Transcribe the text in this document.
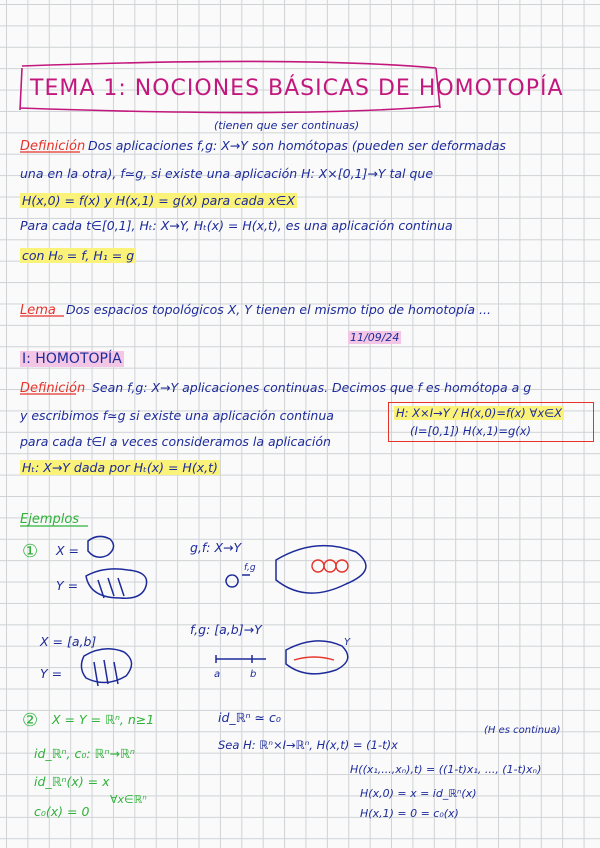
TEMA 1: NOCIONES BÁSICAS DE HOMOTOPÍA
(tienen que ser continuas)
Definición Dos aplicaciones f,g: X→Y son homótopas (pueden ser deformadas
una en la otra), f≃g, si existe una aplicación H: X×[0,1]→Y tal que
H(x,0) = f(x) y H(x,1) = g(x) para cada x∈X
Para cada t∈[0,1], Hₜ: X→Y, Hₜ(x) = H(x,t), es una aplicación continua
con H₀ = f, H₁ = g
Lema Dos espacios topológicos X, Y tienen el mismo tipo de homotopía ...
11/09/24
I: HOMOTOPÍA
Definición Sean f,g: X→Y aplicaciones continuas. Decimos que f es homótopa a g
y escribimos f≃g si existe una aplicación continua	H: X×I→Y / H(x,0)=f(x) ∀x∈X
(I=[0,1]) H(x,1)=g(x)
para cada t∈I a veces consideramos la aplicación
Hₜ: X→Y dada por Hₜ(x) = H(x,t)
Ejemplos
① X =
Y =
g,f: X→Y
f,g
X = [a,b]
Y =
f,g: [a,b]→Y
a	b
Y
② X = Y = ℝⁿ, n≥1
id_ℝⁿ, c₀: ℝⁿ→ℝⁿ
id_ℝⁿ(x) = x
∀x∈ℝⁿ
c₀(x) = 0
id_ℝⁿ ≃ c₀
(H es continua)
Sea H: ℝⁿ×I→ℝⁿ, H(x,t) = (1-t)x
H((x₁,...,xₙ),t) = ((1-t)x₁, ..., (1-t)xₙ)
H(x,0) = x = id_ℝⁿ(x)
H(x,1) = 0 = c₀(x)
